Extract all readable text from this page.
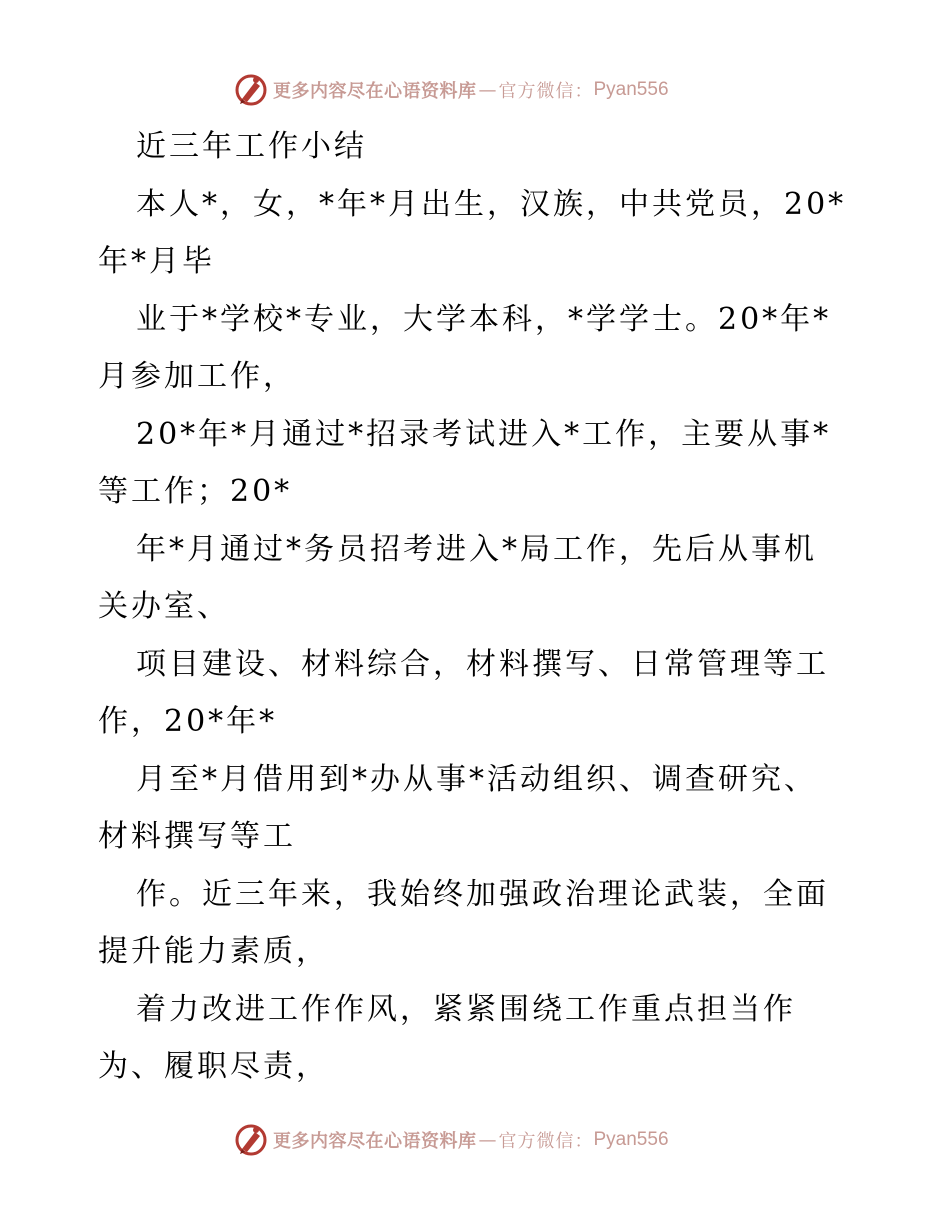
更多内容尽在心语资料库 — 官方微信： Pyan556
近三年工作小结
本人*，女，*年*月出生，汉族，中共党员，20*
年*月毕
业于*学校*专业，大学本科，*学学士。20*年*
月参加工作，
20*年*月通过*招录考试进入*工作，主要从事*
等工作；20*
年*月通过*务员招考进入*局工作，先后从事机
关办室、
项目建设、材料综合，材料撰写、日常管理等工
作，20*年*
月至*月借用到*办从事*活动组织、调查研究、
材料撰写等工
作。近三年来，我始终加强政治理论武装，全面
提升能力素质，
着力改进工作作风，紧紧围绕工作重点担当作
为、履职尽责，
更多内容尽在心语资料库 — 官方微信： Pyan556
